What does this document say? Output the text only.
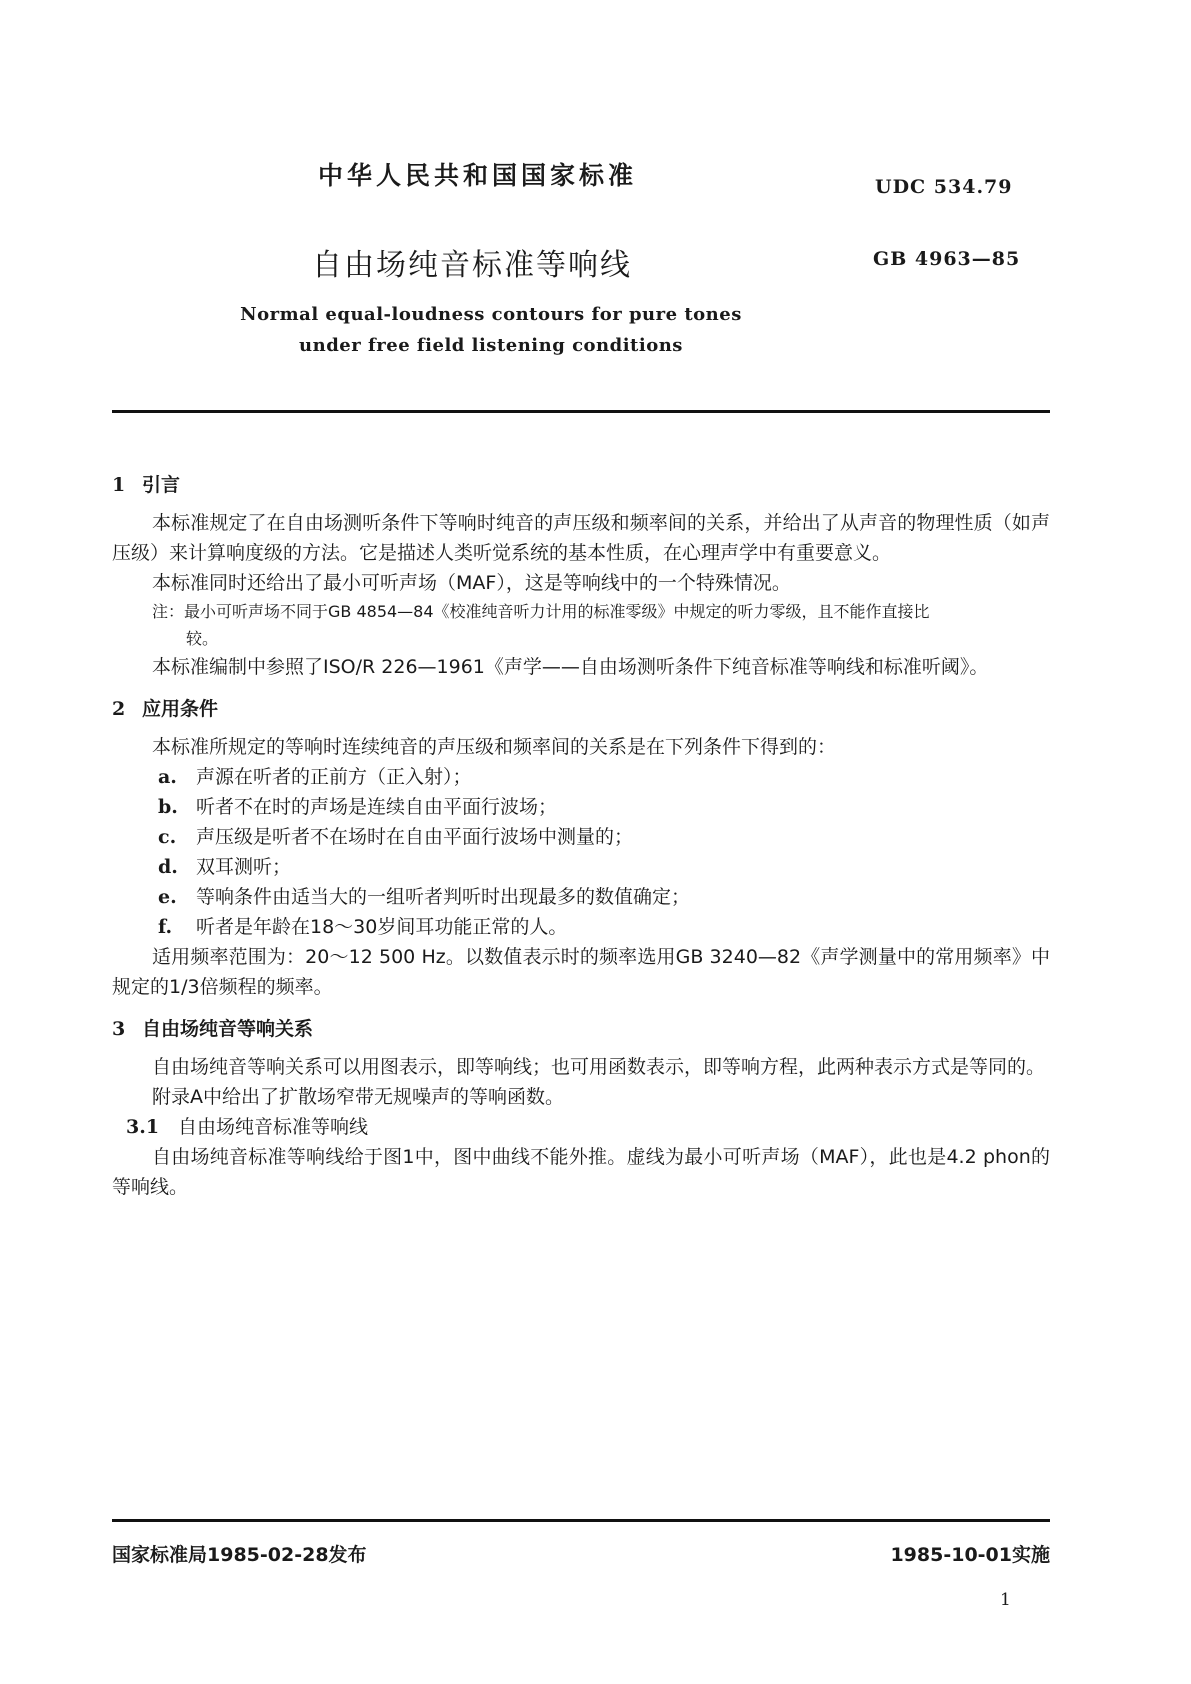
中华人民共和国国家标准	UDC 534.79
自由场纯音标准等响线	GB 4963—85
Normal equal-loudness contours for pure tones
under free field listening conditions

1 引言

本标准规定了在自由场测听条件下等响时纯音的声压级和频率间的关系，并给出了从声音的物理性质（如声压级）来计算响度级的方法。它是描述人类听觉系统的基本性质，在心理声学中有重要意义。

本标准同时还给出了最小可听声场（MAF），这是等响线中的一个特殊情况。

注：最小可听声场不同于GB 4854—84《校准纯音听力计用的标准零级》中规定的听力零级，且不能作直接比

较。

本标准编制中参照了ISO/R 226—1961《声学——自由场测听条件下纯音标准等响线和标准听阈》。

2 应用条件

本标准所规定的等响时连续纯音的声压级和频率间的关系是在下列条件下得到的：

a. 声源在听者的正前方（正入射）；

b. 听者不在时的声场是连续自由平面行波场；

c. 声压级是听者不在场时在自由平面行波场中测量的；

d. 双耳测听；

e. 等响条件由适当大的一组听者判听时出现最多的数值确定；

f. 听者是年龄在18～30岁间耳功能正常的人。

适用频率范围为：20～12 500 Hz。以数值表示时的频率选用GB 3240—82《声学测量中的常用频率》中规定的1/3倍频程的频率。

3 自由场纯音等响关系

自由场纯音等响关系可以用图表示，即等响线；也可用函数表示，即等响方程，此两种表示方式是等同的。

附录A中给出了扩散场窄带无规噪声的等响函数。

3.1 自由场纯音标准等响线

自由场纯音标准等响线给于图1中，图中曲线不能外推。虚线为最小可听声场（MAF），此也是4.2 phon的等响线。

国家标准局1985-02-28发布	1985-10-01实施
1
